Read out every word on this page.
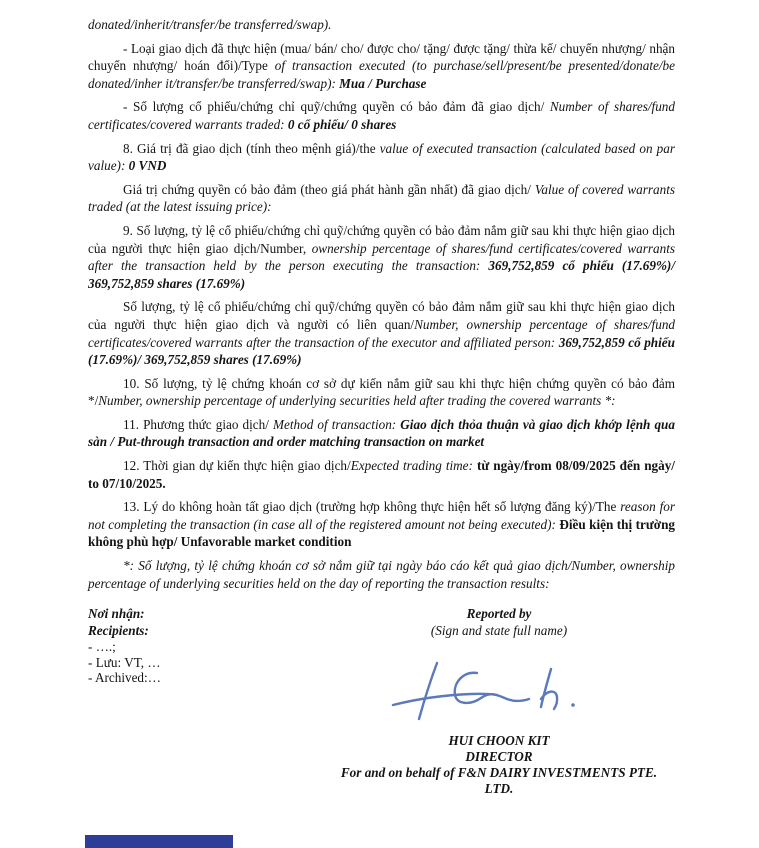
donated/inherit/transfer/be transferred/swap).

- Loại giao dịch đã thực hiện (mua/ bán/ cho/ được cho/ tặng/ được tặng/ thừa kế/ chuyển nhượng/ nhận chuyển nhượng/ hoán đổi)/Type of transaction executed (to purchase/sell/present/be presented/donate/be donated/inher it/transfer/be transferred/swap): Mua / Purchase

- Số lượng cổ phiếu/chứng chỉ quỹ/chứng quyền có bảo đảm đã giao dịch/ Number of shares/fund certificates/covered warrants traded: 0 cổ phiếu/ 0 shares

8. Giá trị đã giao dịch (tính theo mệnh giá)/the value of executed transaction (calculated based on par value): 0 VND

Giá trị chứng quyền có bảo đảm (theo giá phát hành gần nhất) đã giao dịch/ Value of covered warrants traded (at the latest issuing price):

9. Số lượng, tỷ lệ cổ phiếu/chứng chỉ quỹ/chứng quyền có bảo đảm nắm giữ sau khi thực hiện giao dịch của người thực hiện giao dịch/Number, ownership percentage of shares/fund certificates/covered warrants after the transaction held by the person executing the transaction: 369,752,859 cổ phiếu (17.69%)/ 369,752,859 shares (17.69%)

Số lượng, tỷ lệ cổ phiếu/chứng chỉ quỹ/chứng quyền có bảo đảm nắm giữ sau khi thực hiện giao dịch của người thực hiện giao dịch và người có liên quan/Number, ownership percentage of shares/fund certificates/covered warrants after the transaction of the executor and affiliated person: 369,752,859 cổ phiếu (17.69%)/ 369,752,859 shares (17.69%)

10. Số lượng, tỷ lệ chứng khoán cơ sở dự kiến nắm giữ sau khi thực hiện chứng quyền có bảo đảm */Number, ownership percentage of underlying securities held after trading the covered warrants *:

11. Phương thức giao dịch/ Method of transaction: Giao dịch thỏa thuận và giao dịch khớp lệnh qua sàn / Put-through transaction and order matching transaction on market

12. Thời gian dự kiến thực hiện giao dịch/Expected trading time: từ ngày/from 08/09/2025 đến ngày/ to 07/10/2025.

13. Lý do không hoàn tất giao dịch (trường hợp không thực hiện hết số lượng đăng ký)/The reason for not completing the transaction (in case all of the registered amount not being executed): Điều kiện thị trường không phù hợp/ Unfavorable market condition

*: Số lượng, tỷ lệ chứng khoán cơ sở nắm giữ tại ngày báo cáo kết quả giao dịch/Number, ownership percentage of underlying securities held on the day of reporting the transaction results:

Nơi nhận:
Recipients:
- ….;
- Lưu: VT, …
- Archived:…
Reported by
(Sign and state full name)
HUI CHOON KIT
DIRECTOR
For and on behalf of F&N DAIRY INVESTMENTS PTE.
LTD.
